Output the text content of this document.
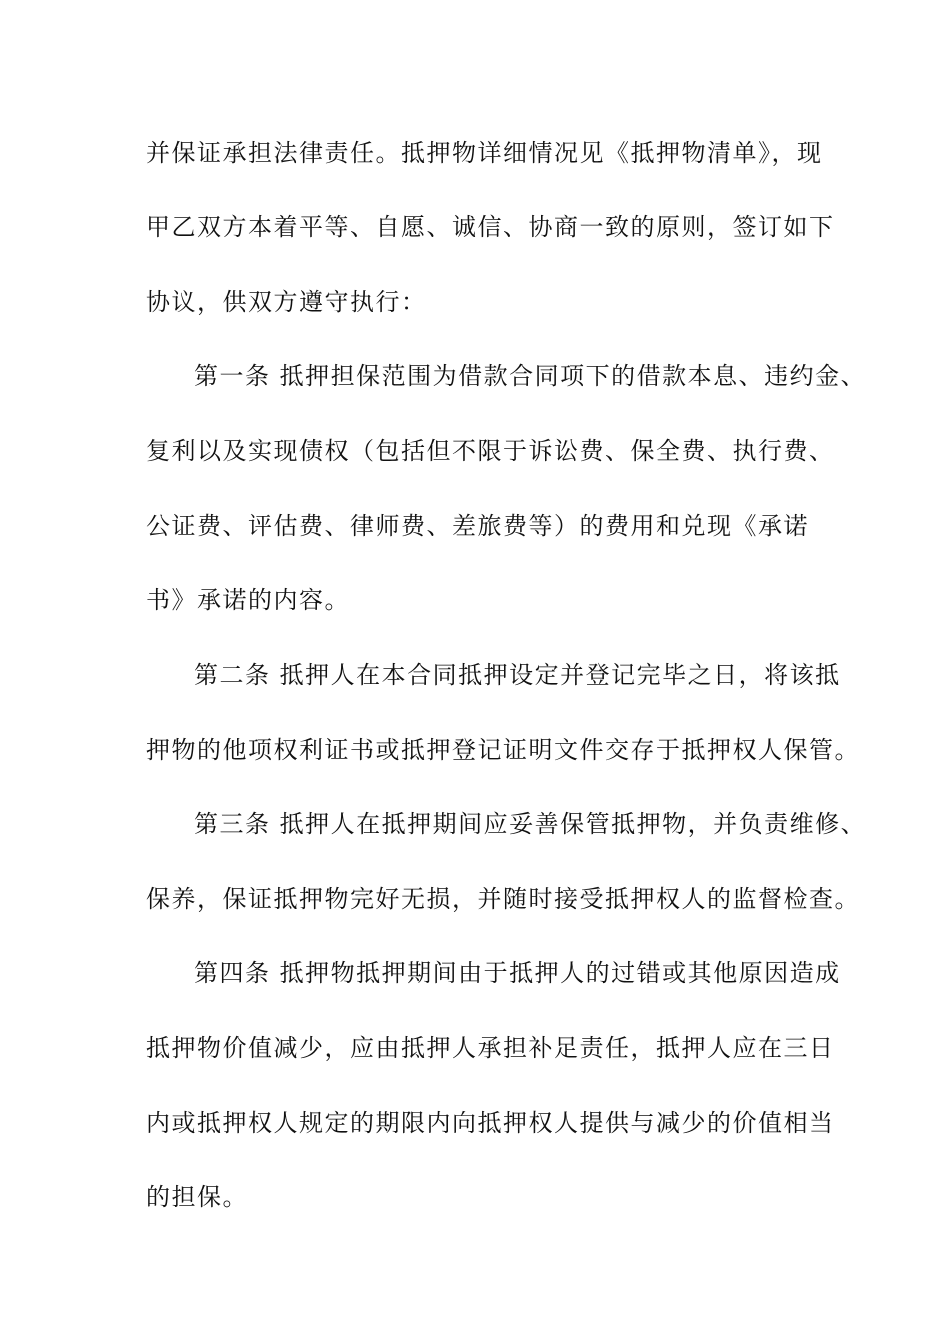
并保证承担法律责任。抵押物详细情况见《抵押物清单》，现
甲乙双方本着平等、自愿、诚信、协商一致的原则，签订如下
协议，供双方遵守执行：
第一条 抵押担保范围为借款合同项下的借款本息、违约金、
复利以及实现债权（包括但不限于诉讼费、保全费、执行费、
公证费、评估费、律师费、差旅费等）的费用和兑现《承诺
书》承诺的内容。
第二条 抵押人在本合同抵押设定并登记完毕之日，将该抵
押物的他项权利证书或抵押登记证明文件交存于抵押权人保管。
第三条 抵押人在抵押期间应妥善保管抵押物，并负责维修、
保养，保证抵押物完好无损，并随时接受抵押权人的监督检查。
第四条 抵押物抵押期间由于抵押人的过错或其他原因造成
抵押物价值减少，应由抵押人承担补足责任，抵押人应在三日
内或抵押权人规定的期限内向抵押权人提供与减少的价值相当
的担保。
